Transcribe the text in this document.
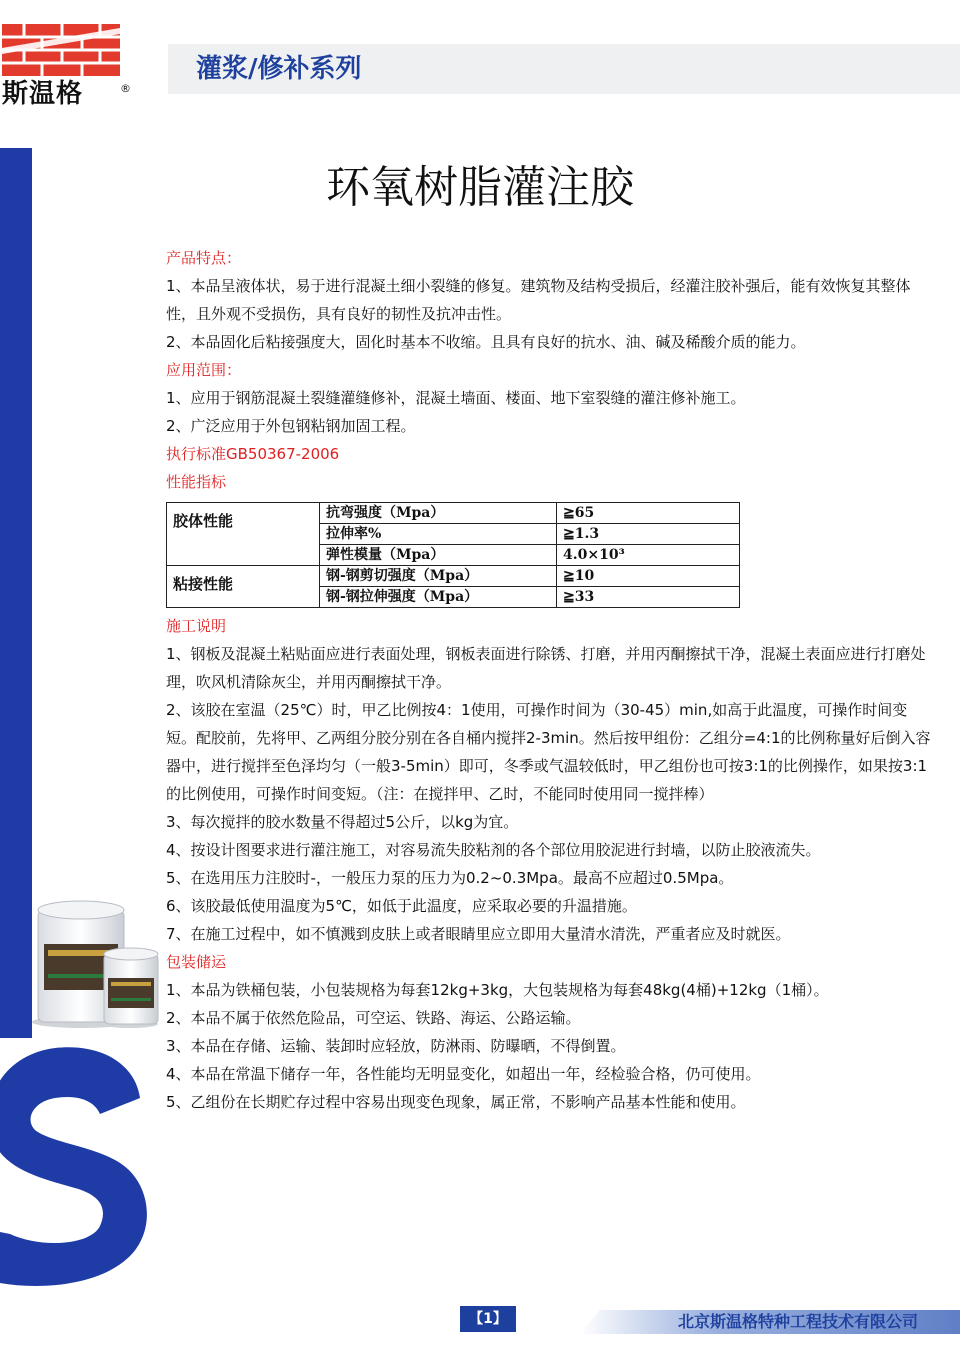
斯温格	®
灌浆/修补系列
环氧树脂灌注胶
产品特点：
1、本品呈液体状，易于进行混凝土细小裂缝的修复。建筑物及结构受损后，经灌注胶补强后，能有效恢复其整体性，且外观不受损伤，具有良好的韧性及抗冲击性。
2、本品固化后粘接强度大，固化时基本不收缩。且具有良好的抗水、油、碱及稀酸介质的能力。
应用范围：
1、应用于钢筋混凝土裂缝灌缝修补，混凝土墙面、楼面、地下室裂缝的灌注修补施工。
2、广泛应用于外包钢粘钢加固工程。
执行标准GB50367-2006
性能指标
胶体性能	抗弯强度（Mpa）	≧65
	拉伸率%	≧1.3
	弹性模量（Mpa）	4.0×10³
粘接性能	钢-钢剪切强度（Mpa）	≧10
	钢-钢拉伸强度（Mpa）	≧33
施工说明
1、钢板及混凝土粘贴面应进行表面处理，钢板表面进行除锈、打磨，并用丙酮擦拭干净，混凝土表面应进行打磨处理，吹风机清除灰尘，并用丙酮擦拭干净。
2、该胶在室温（25℃）时，甲乙比例按4：1使用，可操作时间为（30-45）min,如高于此温度，可操作时间变短。配胶前，先将甲、乙两组分胶分别在各自桶内搅拌2-3min。然后按甲组份：乙组分=4:1的比例称量好后倒入容器中，进行搅拌至色泽均匀（一般3-5min）即可，冬季或气温较低时，甲乙组份也可按3:1的比例操作，如果按3:1的比例使用，可操作时间变短。（注：在搅拌甲、乙时，不能同时使用同一搅拌棒）
3、每次搅拌的胶水数量不得超过5公斤，以kg为宜。
4、按设计图要求进行灌注施工，对容易流失胶粘剂的各个部位用胶泥进行封墙，以防止胶液流失。
5、在选用压力注胶时-，一般压力泵的压力为0.2~0.3Mpa。最高不应超过0.5Mpa。
6、该胶最低使用温度为5℃，如低于此温度，应采取必要的升温措施。
7、在施工过程中，如不慎溅到皮肤上或者眼睛里应立即用大量清水清洗，严重者应及时就医。
包装储运
1、本品为铁桶包装，小包装规格为每套12kg+3kg，大包装规格为每套48kg(4桶)+12kg（1桶）。
2、本品不属于依然危险品，可空运、铁路、海运、公路运输。
3、本品在存储、运输、装卸时应轻放，防淋雨、防曝晒，不得倒置。
4、本品在常温下储存一年，各性能均无明显变化，如超出一年，经检验合格，仍可使用。
5、乙组份在长期贮存过程中容易出现变色现象，属正常，不影响产品基本性能和使用。
【1】	北京斯温格特种工程技术有限公司
